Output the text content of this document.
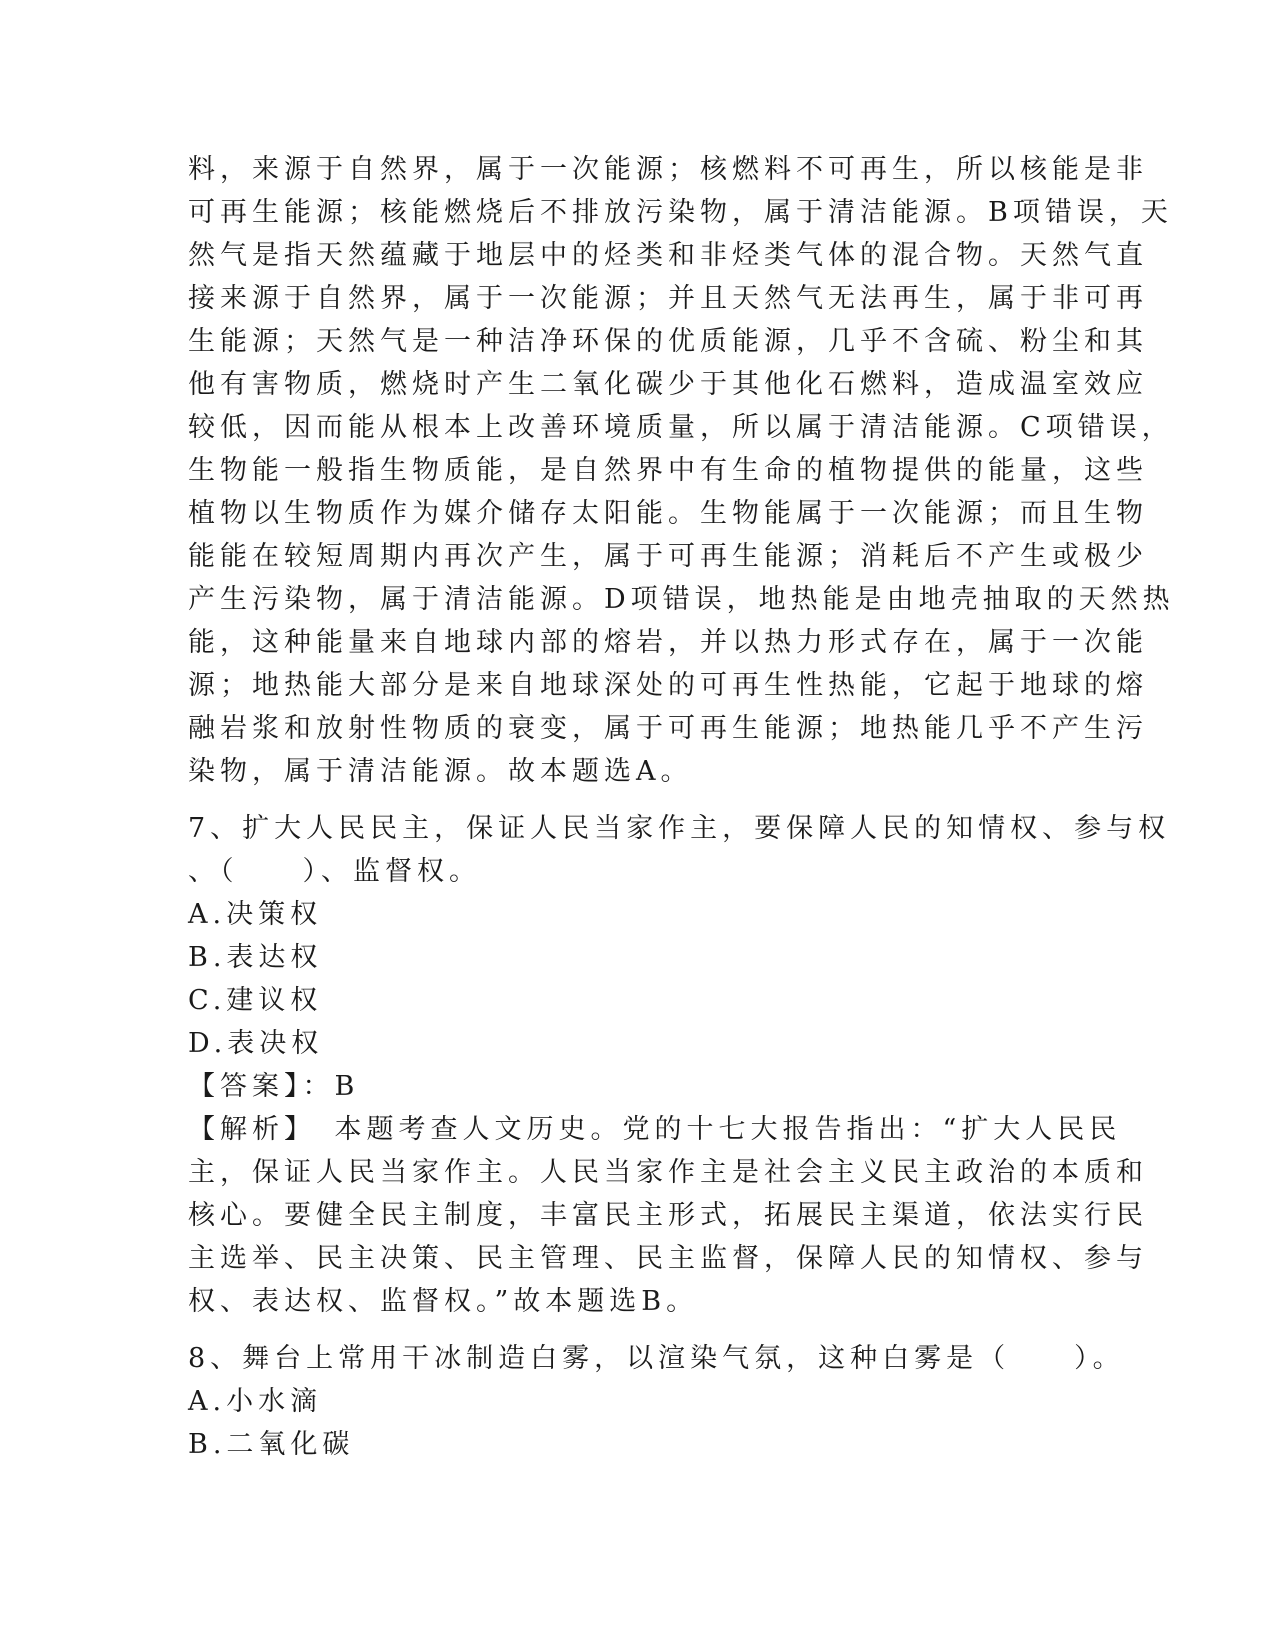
料，来源于自然界，属于一次能源；核燃料不可再生，所以核能是非

可再生能源；核能燃烧后不排放污染物，属于清洁能源。B项错误，天

然气是指天然蕴藏于地层中的烃类和非烃类气体的混合物。天然气直

接来源于自然界，属于一次能源；并且天然气无法再生，属于非可再

生能源；天然气是一种洁净环保的优质能源，几乎不含硫、粉尘和其

他有害物质，燃烧时产生二氧化碳少于其他化石燃料，造成温室效应

较低，因而能从根本上改善环境质量，所以属于清洁能源。C项错误，

生物能一般指生物质能，是自然界中有生命的植物提供的能量，这些

植物以生物质作为媒介储存太阳能。生物能属于一次能源；而且生物

能能在较短周期内再次产生，属于可再生能源；消耗后不产生或极少

产生污染物，属于清洁能源。D项错误，地热能是由地壳抽取的天然热

能，这种能量来自地球内部的熔岩，并以热力形式存在，属于一次能

源；地热能大部分是来自地球深处的可再生性热能，它起于地球的熔

融岩浆和放射性物质的衰变，属于可再生能源；地热能几乎不产生污

染物，属于清洁能源。故本题选A。

7、扩大人民民主，保证人民当家作主，要保障人民的知情权、参与权

、（　　）、监督权。

A.决策权

B.表达权

C.建议权

D.表决权

【答案】：B

【解析】　本题考查人文历史。党的十七大报告指出：“扩大人民民

主，保证人民当家作主。人民当家作主是社会主义民主政治的本质和

核心。要健全民主制度，丰富民主形式，拓展民主渠道，依法实行民

主选举、民主决策、民主管理、民主监督，保障人民的知情权、参与

权、表达权、监督权。”故本题选B。

8、舞台上常用干冰制造白雾，以渲染气氛，这种白雾是（　　）。

A.小水滴

B.二氧化碳
